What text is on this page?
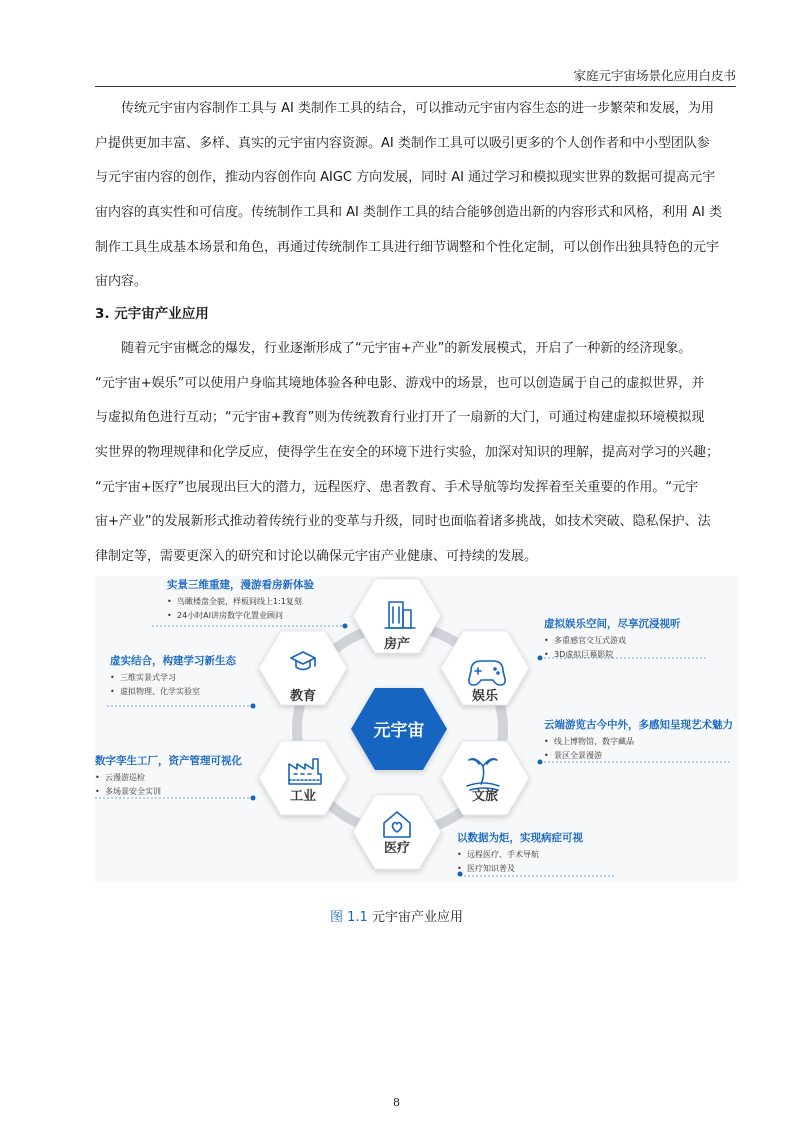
家庭元宇宙场景化应用白皮书
传统元宇宙内容制作工具与 AI 类制作工具的结合，可以推动元宇宙内容生态的进一步繁荣和发展，为用
户提供更加丰富、多样、真实的元宇宙内容资源。AI 类制作工具可以吸引更多的个人创作者和中小型团队参
与元宇宙内容的创作，推动内容创作向 AIGC 方向发展，同时 AI 通过学习和模拟现实世界的数据可提高元宇
宙内容的真实性和可信度。传统制作工具和 AI 类制作工具的结合能够创造出新的内容形式和风格，利用 AI 类
制作工具生成基本场景和角色，再通过传统制作工具进行细节调整和个性化定制，可以创作出独具特色的元宇
宙内容。
3. 元宇宙产业应用
随着元宇宙概念的爆发，行业逐渐形成了“元宇宙+产业”的新发展模式，开启了一种新的经济现象。
“元宇宙+娱乐”可以使用户身临其境地体验各种电影、游戏中的场景，也可以创造属于自己的虚拟世界，并
与虚拟角色进行互动；“元宇宙+教育”则为传统教育行业打开了一扇新的大门，可通过构建虚拟环境模拟现
实世界的物理规律和化学反应，使得学生在安全的环境下进行实验，加深对知识的理解，提高对学习的兴趣；
“元宇宙+医疗”也展现出巨大的潜力，远程医疗、患者教育、手术导航等均发挥着至关重要的作用。“元宇
宙+产业”的发展新形式推动着传统行业的变革与升级，同时也面临着诸多挑战，如技术突破、隐私保护、法
律制定等，需要更深入的研究和讨论以确保元宇宙产业健康、可持续的发展。
房产
娱乐
文旅
医疗
工业
教育
元宇宙
实景三维重建，漫游看房新体验
• 鸟瞰楼盘全貌，样板间线上1:1复刻
• 24小时AI讲房数字化置业顾问
虚实结合，构建学习新生态
• 三维实景式学习
• 虚拟物理、化学实验室
数字孪生工厂，资产管理可视化
• 云漫游巡检
• 多场景安全实训
虚拟娱乐空间，尽享沉浸视听
• 多重感官交互式游戏
• 3D虚拟巨幕影院
云端游览古今中外，多感知呈现艺术魅力
• 线上博物馆，数字藏品
• 景区全景漫游
以数据为炬，实现病症可视
• 远程医疗、手术导航
• 医疗知识普及
图 1.1 元宇宙产业应用
8
